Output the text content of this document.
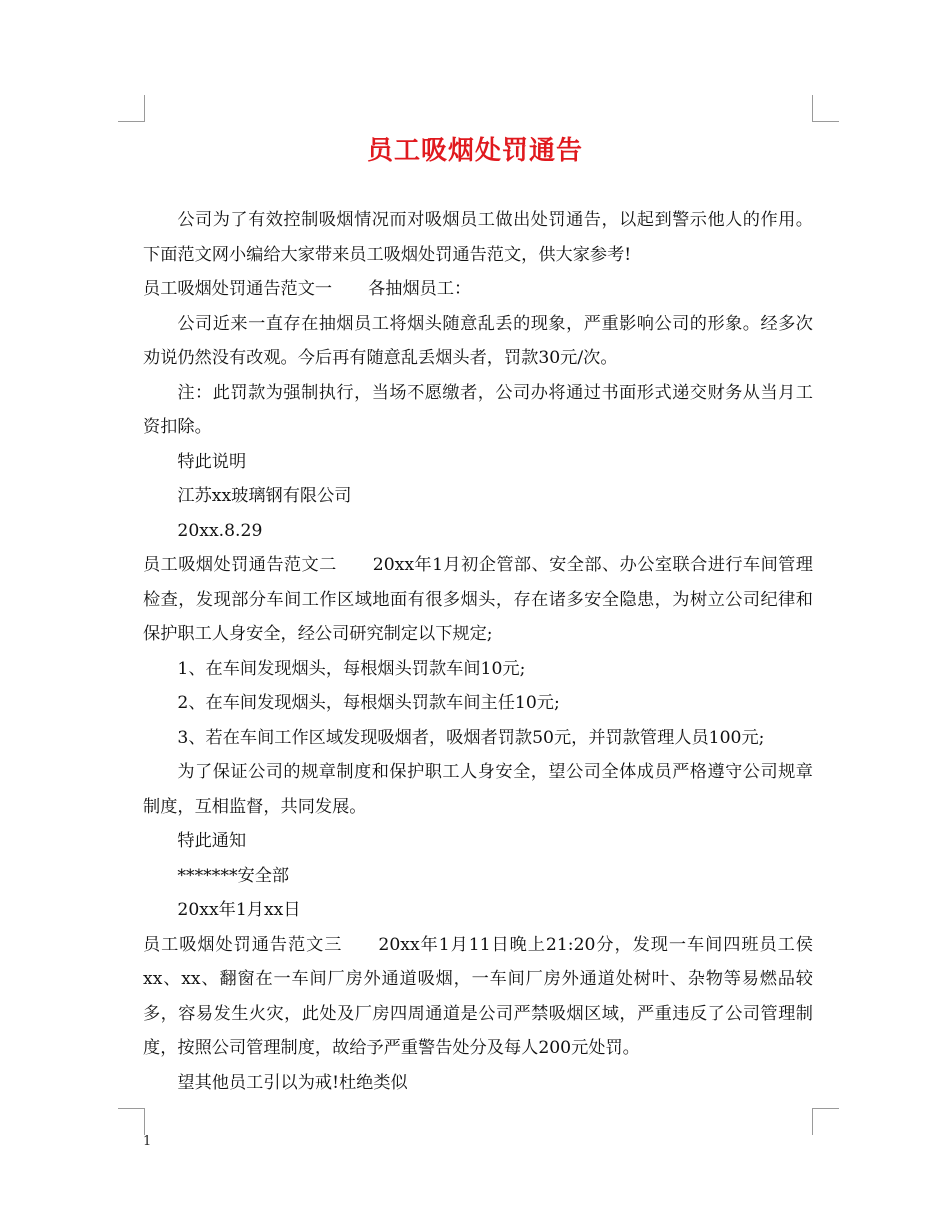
员工吸烟处罚通告

公司为了有效控制吸烟情况而对吸烟员工做出处罚通告，以起到警示他人的作用。下面范文网小编给大家带来员工吸烟处罚通告范文，供大家参考!

员工吸烟处罚通告范文一 各抽烟员工：

公司近来一直存在抽烟员工将烟头随意乱丢的现象，严重影响公司的形象。经多次劝说仍然没有改观。今后再有随意乱丢烟头者，罚款30元/次。

注：此罚款为强制执行，当场不愿缴者，公司办将通过书面形式递交财务从当月工资扣除。

特此说明

江苏xx玻璃钢有限公司

20xx.8.29

员工吸烟处罚通告范文二 20xx年1月初企管部、安全部、办公室联合进行车间管理检查，发现部分车间工作区域地面有很多烟头，存在诸多安全隐患，为树立公司纪律和保护职工人身安全，经公司研究制定以下规定;

1、在车间发现烟头，每根烟头罚款车间10元;

2、在车间发现烟头，每根烟头罚款车间主任10元;

3、若在车间工作区域发现吸烟者，吸烟者罚款50元，并罚款管理人员100元;

为了保证公司的规章制度和保护职工人身安全，望公司全体成员严格遵守公司规章制度，互相监督，共同发展。

特此通知

*******安全部

20xx年1月xx日

员工吸烟处罚通告范文三 20xx年1月11日晚上21:20分，发现一车间四班员工侯xx、xx、翻窗在一车间厂房外通道吸烟，一车间厂房外通道处树叶、杂物等易燃品较多，容易发生火灾，此处及厂房四周通道是公司严禁吸烟区域，严重违反了公司管理制度，按照公司管理制度，故给予严重警告处分及每人200元处罚。

望其他员工引以为戒!杜绝类似

1
